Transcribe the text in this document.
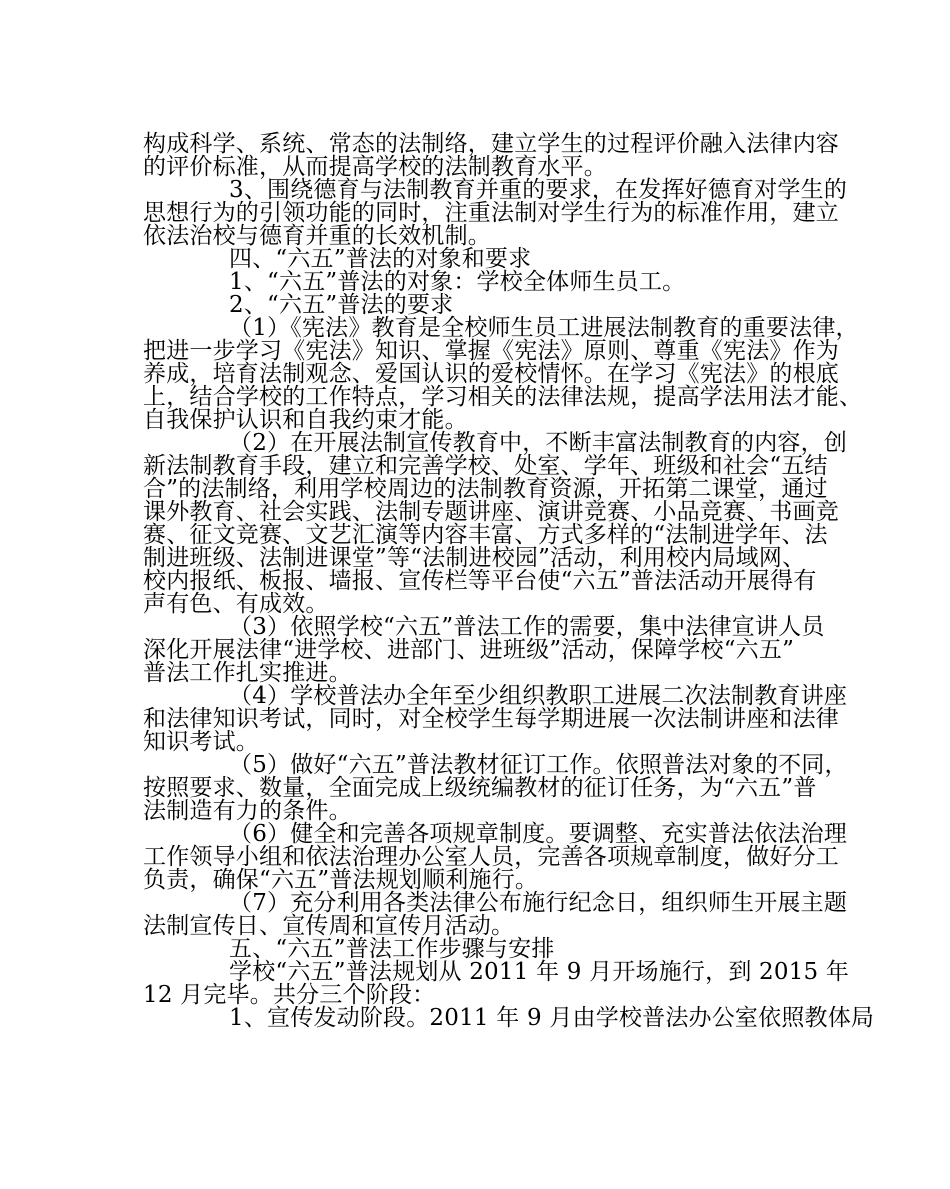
构成科学、系统、常态的法制络，建立学生的过程评价融入法律内容
的评价标准，从而提高学校的法制教育水平。
3、围绕德育与法制教育并重的要求，在发挥好德育对学生的
思想行为的引领功能的同时，注重法制对学生行为的标准作用，建立
依法治校与德育并重的长效机制。
四、“六五”普法的对象和要求
1、“六五”普法的对象：学校全体师生员工。
2、“六五”普法的要求
（1）《宪法》教育是全校师生员工进展法制教育的重要法律，
把进一步学习《宪法》知识、掌握《宪法》原则、尊重《宪法》作为
养成，培育法制观念、爱国认识的爱校情怀。在学习《宪法》的根底
上，结合学校的工作特点，学习相关的法律法规，提高学法用法才能、
自我保护认识和自我约束才能。
（2）在开展法制宣传教育中，不断丰富法制教育的内容，创
新法制教育手段，建立和完善学校、处室、学年、班级和社会“五结
合”的法制络，利用学校周边的法制教育资源，开拓第二课堂，通过
课外教育、社会实践、法制专题讲座、演讲竞赛、小品竞赛、书画竞
赛、征文竞赛、文艺汇演等内容丰富、方式多样的“法制进学年、法
制进班级、法制进课堂”等“法制进校园”活动，利用校内局域网、
校内报纸、板报、墙报、宣传栏等平台使“六五”普法活动开展得有
声有色、有成效。
（3）依照学校“六五”普法工作的需要，集中法律宣讲人员
深化开展法律“进学校、进部门、进班级”活动，保障学校“六五”
普法工作扎实推进。
（4）学校普法办全年至少组织教职工进展二次法制教育讲座
和法律知识考试，同时，对全校学生每学期进展一次法制讲座和法律
知识考试。
（5）做好“六五”普法教材征订工作。依照普法对象的不同，
按照要求、数量，全面完成上级统编教材的征订任务，为“六五”普
法制造有力的条件。
（6）健全和完善各项规章制度。要调整、充实普法依法治理
工作领导小组和依法治理办公室人员，完善各项规章制度，做好分工
负责，确保“六五”普法规划顺利施行。
（7）充分利用各类法律公布施行纪念日，组织师生开展主题
法制宣传日、宣传周和宣传月活动。
五、“六五”普法工作步骤与安排
学校“六五”普法规划从 2011 年 9 月开场施行，到 2015 年
12 月完毕。共分三个阶段：
1、宣传发动阶段。2011 年 9 月由学校普法办公室依照教体局
